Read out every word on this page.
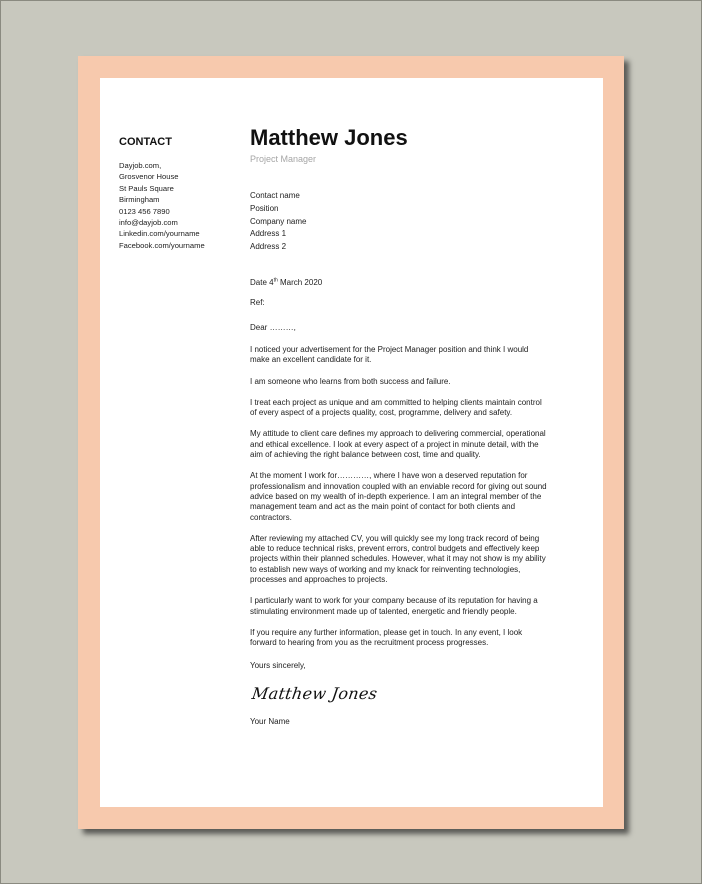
CONTACT
Dayjob.com,
Grosvenor House
St Pauls Square
Birmingham
0123 456 7890
info@dayjob.com
Linkedin.com/yourname
Facebook.com/yourname
Matthew Jones
Project Manager
Contact name
Position
Company name
Address 1
Address 2
Date 4th March 2020
Ref:
Dear ………,
I noticed your advertisement for the Project Manager position and think I would
make an excellent candidate for it.
I am someone who learns from both success and failure.
I treat each project as unique and am committed to helping clients maintain control
of every aspect of a projects quality, cost, programme, delivery and safety.
My attitude to client care defines my approach to delivering commercial, operational
and ethical excellence. I look at every aspect of a project in minute detail, with the
aim of achieving the right balance between cost, time and quality.
At the moment I work for…………, where I have won a deserved reputation for
professionalism and innovation coupled with an enviable record for giving out sound
advice based on my wealth of in-depth experience. I am an integral member of the
management team and act as the main point of contact for both clients and
contractors.
After reviewing my attached CV, you will quickly see my long track record of being
able to reduce technical risks, prevent errors, control budgets and effectively keep
projects within their planned schedules. However, what it may not show is my ability
to establish new ways of working and my knack for reinventing technologies,
processes and approaches to projects.
I particularly want to work for your company because of its reputation for having a
stimulating environment made up of talented, energetic and friendly people.
If you require any further information, please get in touch. In any event, I look
forward to hearing from you as the recruitment process progresses.
Yours sincerely,
Matthew Jones
Your Name
